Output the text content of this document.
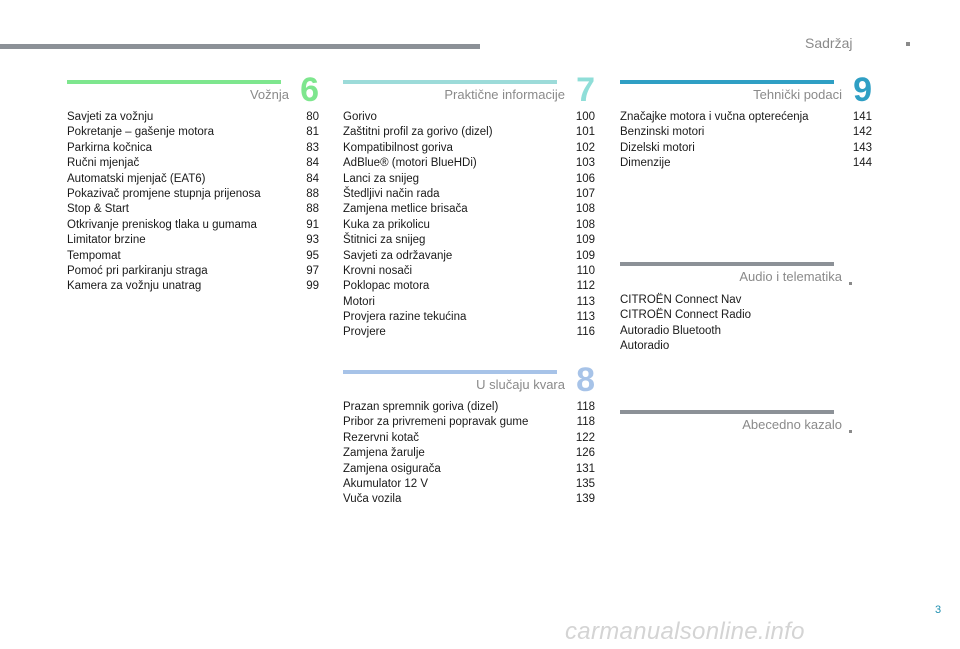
Sadržaj
Vožnja 6
Savjeti za vožnju	80
Pokretanje – gašenje motora	81
Parkirna kočnica	83
Ručni mjenjač	84
Automatski mjenjač (EAT6)	84
Pokazivač promjene stupnja prijenosa	88
Stop & Start	88
Otkrivanje preniskog tlaka u gumama	91
Limitator brzine	93
Tempomat	95
Pomoć pri parkiranju straga	97
Kamera za vožnju unatrag	99
Praktične informacije 7
Gorivo	100
Zaštitni profil za gorivo (dizel)	101
Kompatibilnost goriva	102
AdBlue® (motori BlueHDi)	103
Lanci za snijeg	106
Štedljivi način rada	107
Zamjena metlice brisača	108
Kuka za prikolicu	108
Štitnici za snijeg	109
Savjeti za održavanje	109
Krovni nosači	110
Poklopac motora	112
Motori	113
Provjera razine tekućina	113
Provjere	116
U slučaju kvara 8
Prazan spremnik goriva (dizel)	118
Pribor za privremeni popravak gume	118
Rezervni kotač	122
Zamjena žarulje	126
Zamjena osigurača	131
Akumulator 12 V	135
Vuča vozila	139
Tehnički podaci 9
Značajke motora i vučna opterećenja	141
Benzinski motori	142
Dizelski motori	143
Dimenzije	144
Audio i telematika
CITROËN Connect Nav
CITROËN Connect Radio
Autoradio Bluetooth
Autoradio
Abecedno kazalo
3
carmanualsonline.info
